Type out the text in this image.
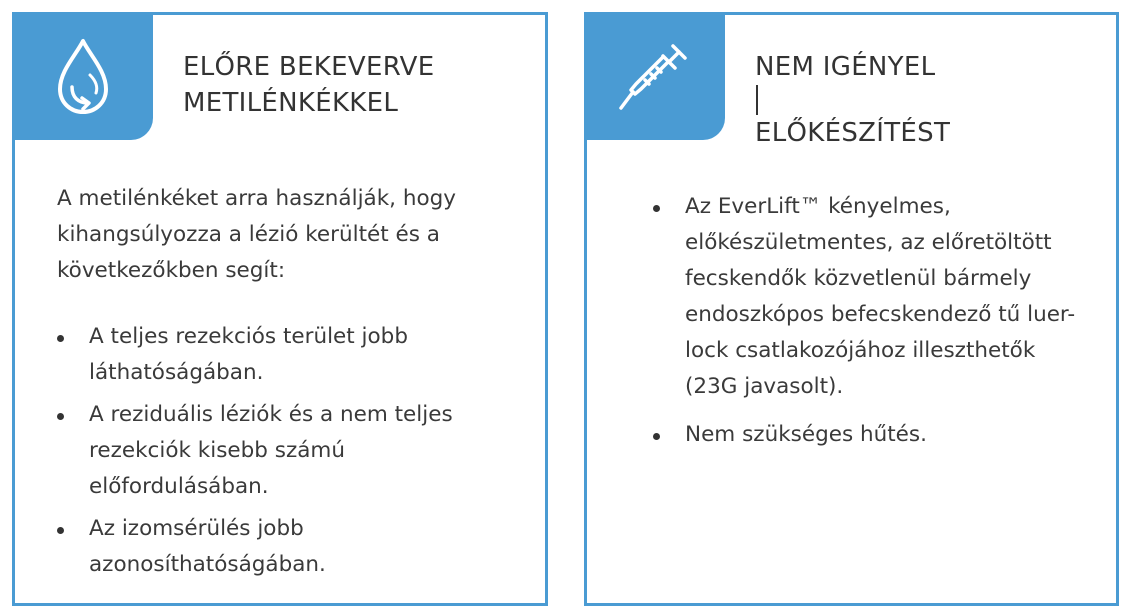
ELŐRE BEKEVERVE
METILÉNKÉKKEL
A metilénkéket arra használják, hogy kihangsúlyozza a lézió kerültét és a következőkben segít:
A teljes rezekciós terület jobb láthatóságában.
A reziduális léziók és a nem teljes rezekciók kisebb számú előfordulásában.
Az izomsérülés jobb azonosíthatóságában.
NEM IGÉNYEL
ELŐKÉSZÍTÉST
Az EverLift™ kényelmes, előkészületmentes, az előretöltött fecskendők közvetlenül bármely endoszkópos befecskendező tű luer-lock csatlakozójához illeszthetők (23G javasolt).
Nem szükséges hűtés.
